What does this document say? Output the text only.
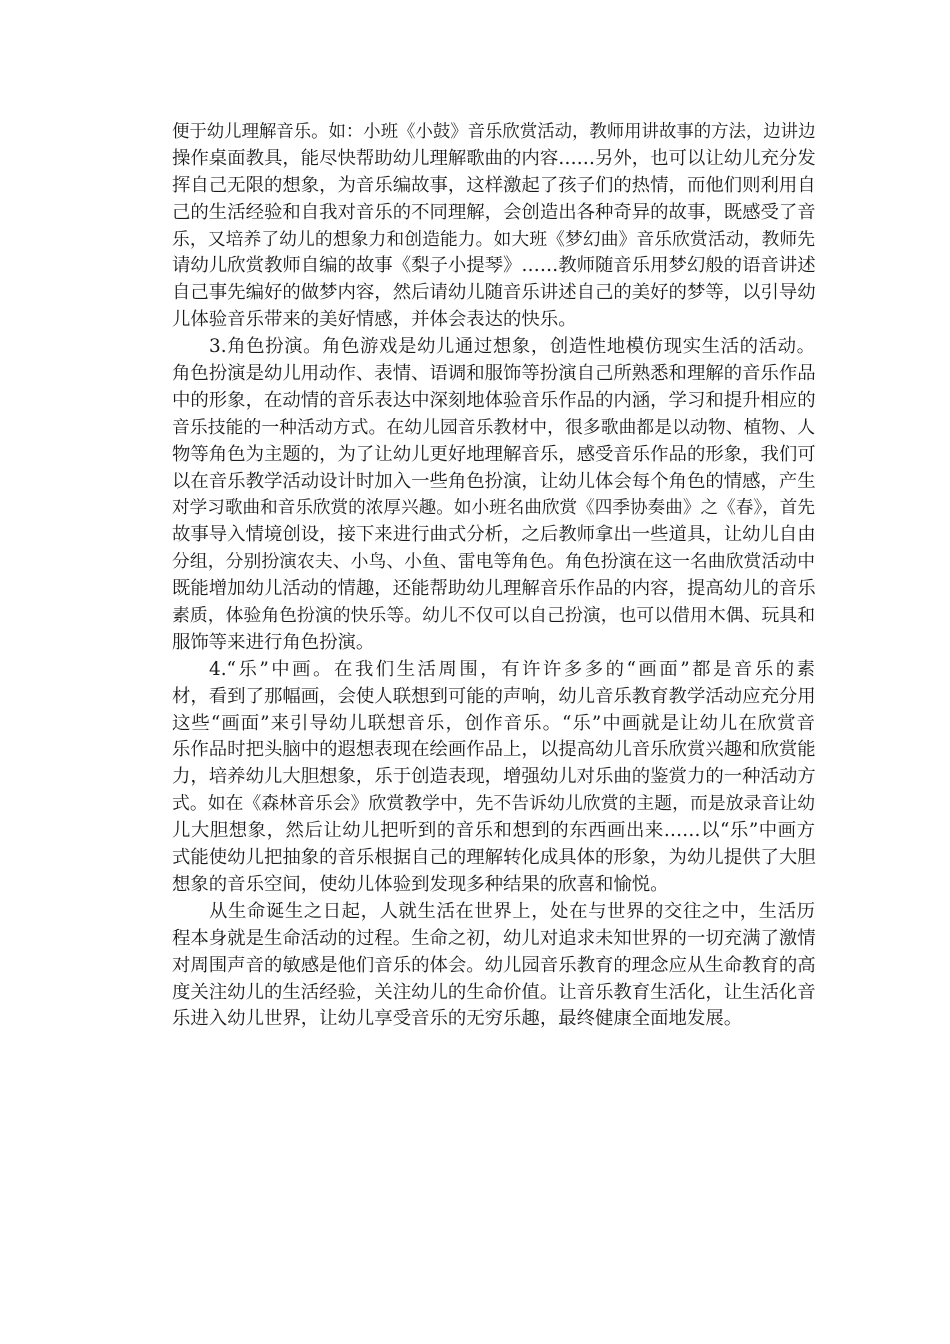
便于幼儿理解音乐。如：小班《小鼓》音乐欣赏活动，教师用讲故事的方法，边讲边
操作桌面教具，能尽快帮助幼儿理解歌曲的内容……另外，也可以让幼儿充分发
挥自己无限的想象，为音乐编故事，这样激起了孩子们的热情，而他们则利用自
己的生活经验和自我对音乐的不同理解，会创造出各种奇异的故事，既感受了音
乐，又培养了幼儿的想象力和创造能力。如大班《梦幻曲》音乐欣赏活动，教师先
请幼儿欣赏教师自编的故事《梨子小提琴》……教师随音乐用梦幻般的语音讲述
自己事先编好的做梦内容，然后请幼儿随音乐讲述自己的美好的梦等，以引导幼
儿体验音乐带来的美好情感，并体会表达的快乐。
3.角色扮演。角色游戏是幼儿通过想象，创造性地模仿现实生活的活动。
角色扮演是幼儿用动作、表情、语调和服饰等扮演自己所熟悉和理解的音乐作品
中的形象，在动情的音乐表达中深刻地体验音乐作品的内涵，学习和提升相应的
音乐技能的一种活动方式。在幼儿园音乐教材中，很多歌曲都是以动物、植物、人
物等角色为主题的，为了让幼儿更好地理解音乐，感受音乐作品的形象，我们可
以在音乐教学活动设计时加入一些角色扮演，让幼儿体会每个角色的情感，产生
对学习歌曲和音乐欣赏的浓厚兴趣。如小班名曲欣赏《四季协奏曲》之《春》，首先
故事导入情境创设，接下来进行曲式分析，之后教师拿出一些道具，让幼儿自由
分组，分别扮演农夫、小鸟、小鱼、雷电等角色。角色扮演在这一名曲欣赏活动中
既能增加幼儿活动的情趣，还能帮助幼儿理解音乐作品的内容，提高幼儿的音乐
素质，体验角色扮演的快乐等。幼儿不仅可以自己扮演，也可以借用木偶、玩具和
服饰等来进行角色扮演。
4.“乐”中画。在我们生活周围，有许许多多的“画面”都是音乐的素
材，看到了那幅画，会使人联想到可能的声响，幼儿音乐教育教学活动应充分用
这些“画面”来引导幼儿联想音乐，创作音乐。“乐”中画就是让幼儿在欣赏音
乐作品时把头脑中的遐想表现在绘画作品上，以提高幼儿音乐欣赏兴趣和欣赏能
力，培养幼儿大胆想象，乐于创造表现，增强幼儿对乐曲的鉴赏力的一种活动方
式。如在《森林音乐会》欣赏教学中，先不告诉幼儿欣赏的主题，而是放录音让幼
儿大胆想象，然后让幼儿把听到的音乐和想到的东西画出来……以“乐”中画方
式能使幼儿把抽象的音乐根据自己的理解转化成具体的形象，为幼儿提供了大胆
想象的音乐空间，使幼儿体验到发现多种结果的欣喜和愉悦。
从生命诞生之日起，人就生活在世界上，处在与世界的交往之中，生活历
程本身就是生命活动的过程。生命之初，幼儿对追求未知世界的一切充满了激情
对周围声音的敏感是他们音乐的体会。幼儿园音乐教育的理念应从生命教育的高
度关注幼儿的生活经验，关注幼儿的生命价值。让音乐教育生活化，让生活化音
乐进入幼儿世界，让幼儿享受音乐的无穷乐趣，最终健康全面地发展。
